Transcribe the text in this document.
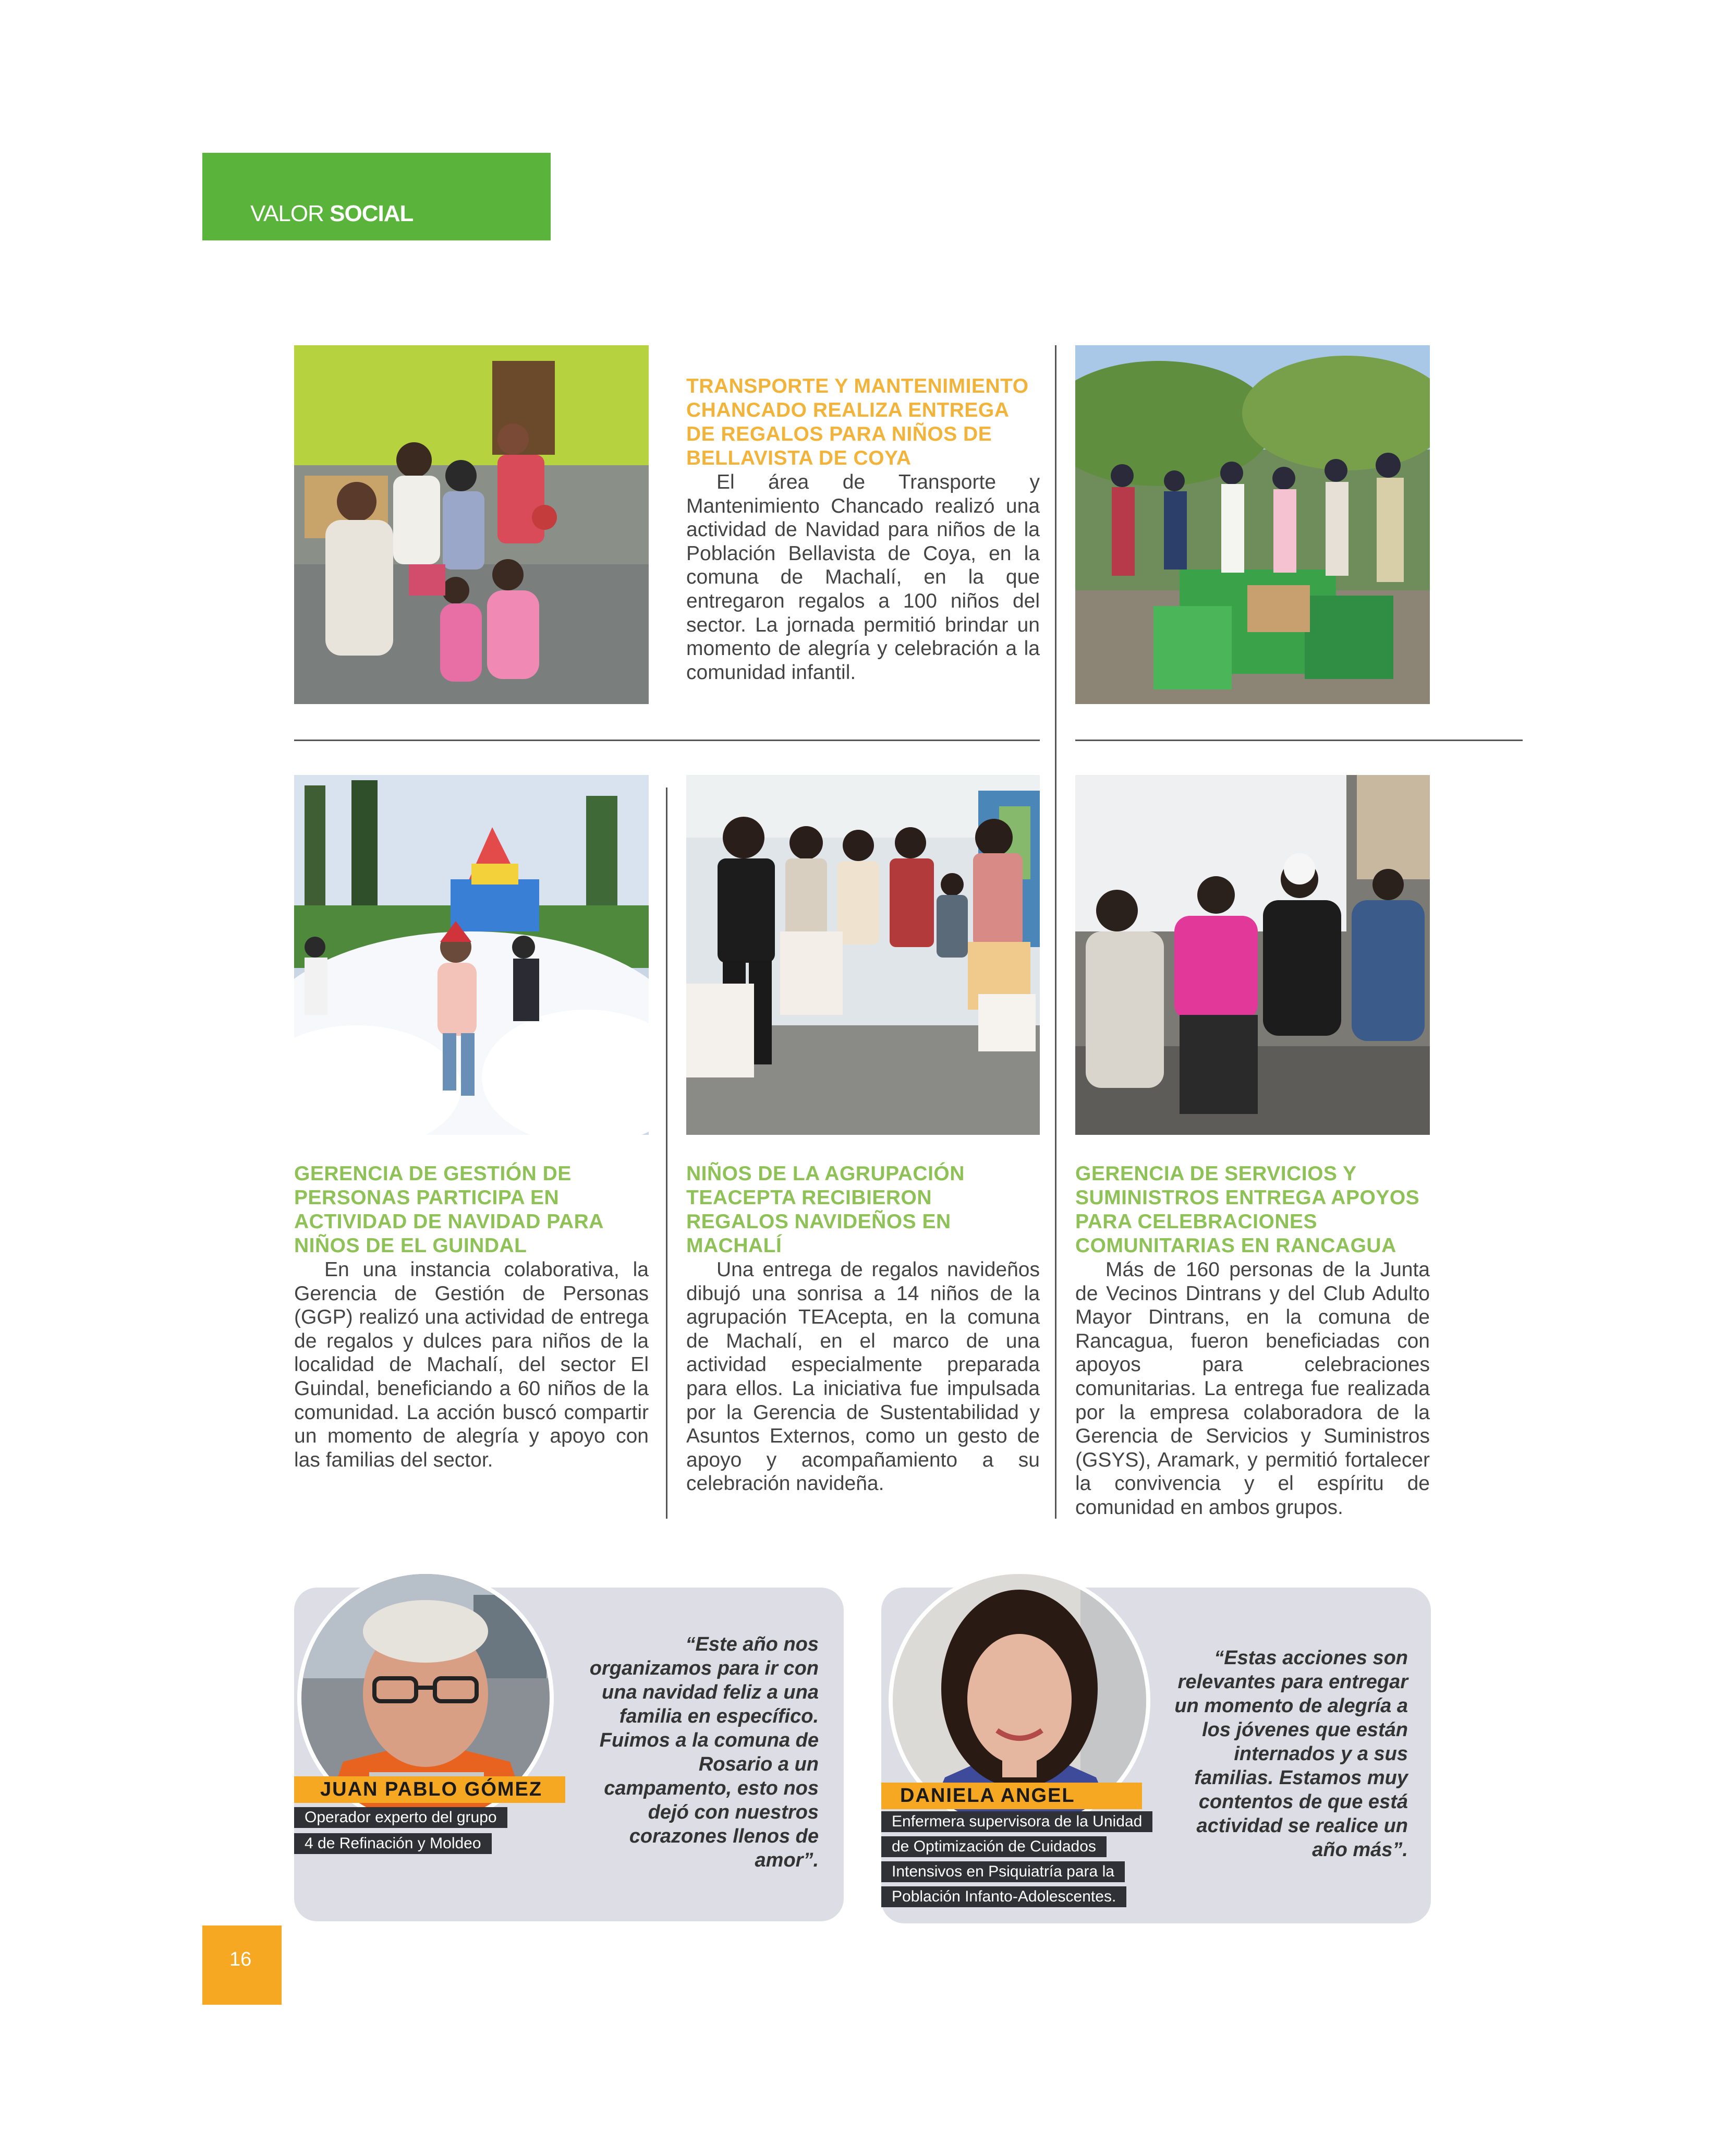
VALOR SOCIAL
TRANSPORTE Y MANTENIMIENTO CHANCADO REALIZA ENTREGA DE REGALOS PARA NIÑOS DE BELLAVISTA DE COYA
El área de Transporte y Mantenimiento Chancado realizó una actividad de Navidad para niños de la Población Bellavista de Coya, en la comuna de Machalí, en la que entregaron regalos a 100 niños del sector. La jornada permitió brindar un momento de alegría y celebración a la comunidad infantil.
GERENCIA DE GESTIÓN DE PERSONAS PARTICIPA EN ACTIVIDAD DE NAVIDAD PARA NIÑOS DE EL GUINDAL
En una instancia colaborativa, la Gerencia de Gestión de Personas (GGP) realizó una actividad de entrega de regalos y dulces para niños de la localidad de Machalí, del sector El Guindal, beneficiando a 60 niños de la comunidad. La acción buscó compartir un momento de alegría y apoyo con las familias del sector.
NIÑOS DE LA AGRUPACIÓN TEACEPTA RECIBIERON REGALOS NAVIDEÑOS EN MACHALÍ
Una entrega de regalos navideños dibujó una sonrisa a 14 niños de la agrupación TEAcepta, en la comuna de Machalí, en el marco de una actividad especialmente preparada para ellos. La iniciativa fue impulsada por la Gerencia de Sustentabilidad y Asuntos Externos, como un gesto de apoyo y acompañamiento a su celebración navideña.
GERENCIA DE SERVICIOS Y SUMINISTROS ENTREGA APOYOS PARA CELEBRACIONES COMUNITARIAS EN RANCAGUA
Más de 160 personas de la Junta de Vecinos Dintrans y del Club Adulto Mayor Dintrans, en la comuna de Rancagua, fueron beneficiadas con apoyos para celebraciones comunitarias. La entrega fue realizada por la empresa colaboradora de la Gerencia de Servicios y Suministros (GSYS), Aramark, y permitió fortalecer la convivencia y el espíritu de comunidad en ambos grupos.
JUAN PABLO GÓMEZ
Operador experto del grupo
4 de Refinación y Moldeo
“Este año nos organizamos para ir con una navidad feliz a una familia en específico. Fuimos a la comuna de Rosario a un campamento, esto nos dejó con nuestros corazones llenos de amor”.
DANIELA ANGEL
Enfermera supervisora de la Unidad
de Optimización de Cuidados
Intensivos en Psiquiatría para la
Población Infanto-Adolescentes.
“Estas acciones son relevantes para entregar un momento de alegría a los jóvenes que están internados y a sus familias. Estamos muy contentos de que está actividad se realice un año más”.
16
